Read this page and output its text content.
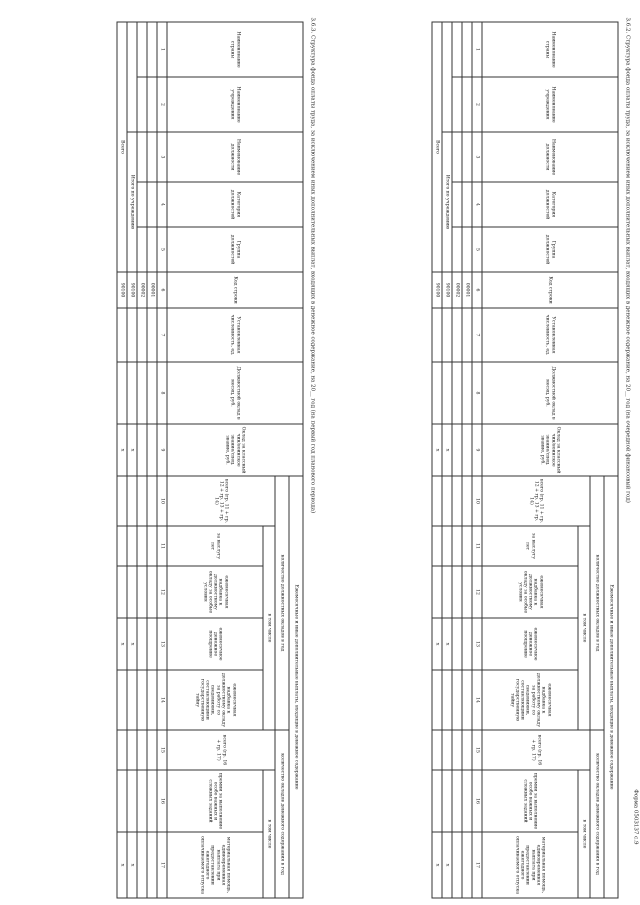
Форма 0503137 с.9
3.6.2. Структура фонда оплаты труда, за исключением иных дополнительных выплат, входящих в денежное содержание, на 20__ год (на очередной финансовый год)
Наименование страны	Наименование учреждения	Наименование должности	Категория должностей	Группа должностей	Код строки	Установленная численность, ед.	Должностной оклад в месяц, руб.	Оклад за классный чин/воинское звание/спец. звание, руб.	Ежемесячные и иные дополнительные выплаты, входящие в денежное содержание							

									количество должностных окладов в год					количество окладов денежного содержания в год		

									всего (гр. 11 + гр. 12 + гр. 13 + гр. 14)	в том числе				всего (гр. 16 + гр. 17)	в том числе	

										за выслугу лет	ежемесячная надбавка к должностному окладу за особые условия	ежемесячное денежное поощрение	ежемесячная надбавка к должностному окладу за работу со сведениями, составляющими государственную тайну		премии за выполнение особо важных и сложных заданий	материальная помощь, единовременная выплата при предоставлении ежегодного оплачиваемого отпуска

1	2	3	4	5	6	7	8	9	10	11	12	13	14	15	16	17

					00001											

					00002											

		Итого по учреждению			90100			х				х				х

Всего					90100			х				х				х
3.6.3. Структура фонда оплаты труда, за исключением иных дополнительных выплат, входящих в денежное содержание, на 20__ год (на первый год планового периода)
Наименование страны	Наименование учреждения	Наименование должности	Категория должностей	Группа должностей	Код строки	Установленная численность, ед.	Должностной оклад в месяц, руб.	Оклад за классный чин/воинское звание/спец. звание, руб.	Ежемесячные и иные дополнительные выплаты, входящие в денежное содержание							

									количество должностных окладов в год					количество окладов денежного содержания в год		

									всего (гр. 11 + гр. 12 + гр. 13 + гр. 14)	в том числе				всего (гр. 16 + гр. 17)	в том числе	

										за выслугу лет	ежемесячная надбавка к должностному окладу за особые условия	ежемесячное денежное поощрение	ежемесячная надбавка к должностному окладу за работу со сведениями, составляющими государственную тайну		премии за выполнение особо важных и сложных заданий	материальная помощь, единовременная выплата при предоставлении ежегодного оплачиваемого отпуска

1	2	3	4	5	6	7	8	9	10	11	12	13	14	15	16	17

					00001											

					00002											

		Итого по учреждению			90100			х				х				х

Всего					90100			х				х				х
